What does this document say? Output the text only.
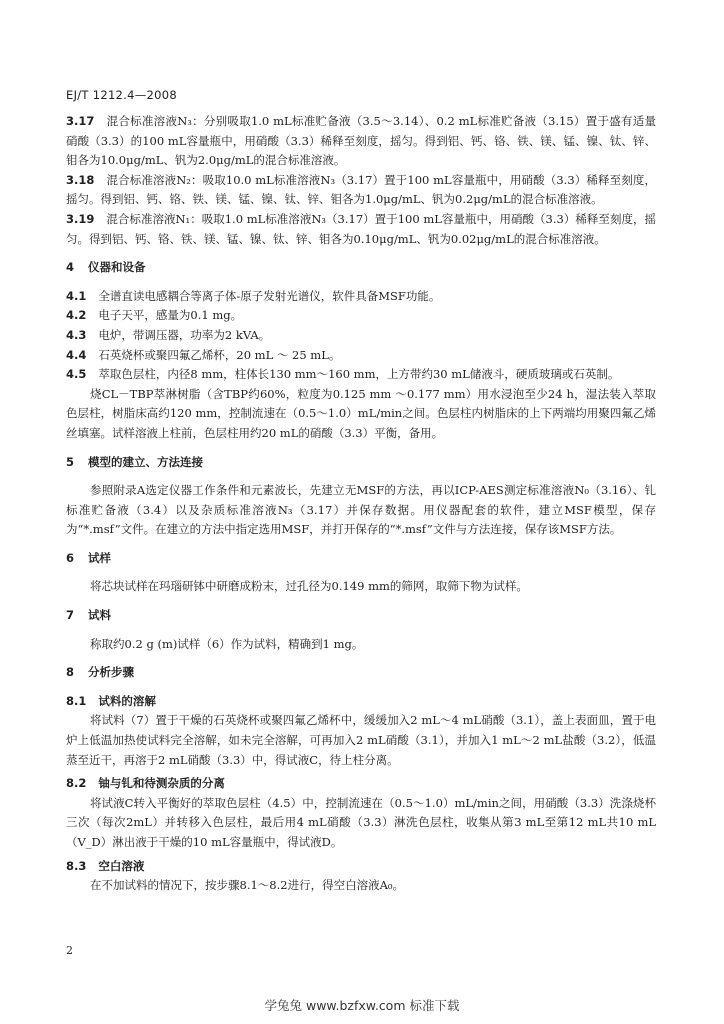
EJ/T 1212.4—2008

3.17 混合标准溶液N₃：分别吸取1.0 mL标准贮备液（3.5～3.14）、0.2 mL标准贮备液（3.15）置于盛有适量硝酸（3.3）的100 mL容量瓶中，用硝酸（3.3）稀释至刻度，摇匀。得到铝、钙、铬、铁、镁、锰、镍、钛、锌、钼各为10.0μg/mL、钒为2.0μg/mL的混合标准溶液。

3.18 混合标准溶液N₂：吸取10.0 mL标准溶液N₃（3.17）置于100 mL容量瓶中，用硝酸（3.3）稀释至刻度，摇匀。得到铝、钙、铬、铁、镁、锰、镍、钛、锌、钼各为1.0μg/mL、钒为0.2μg/mL的混合标准溶液。

3.19 混合标准溶液N₁：吸取1.0 mL标准溶液N₃（3.17）置于100 mL容量瓶中，用硝酸（3.3）稀释至刻度，摇匀。得到铝、钙、铬、铁、镁、锰、镍、钛、锌、钼各为0.10μg/mL、钒为0.02μg/mL的混合标准溶液。

4 仪器和设备

4.1 全谱直读电感耦合等离子体-原子发射光谱仪，软件具备MSF功能。

4.2 电子天平，感量为0.1 mg。

4.3 电炉，带调压器，功率为2 kVA。

4.4 石英烧杯或聚四氟乙烯杯，20 mL ～ 25 mL。

4.5 萃取色层柱，内径8 mm，柱体长130 mm～160 mm，上方带约30 mL储液斗，硬质玻璃或石英制。

烧CL－TBP萃淋树脂（含TBP约60%，粒度为0.125 mm ～0.177 mm）用水浸泡至少24 h，湿法装入萃取色层柱，树脂床高约120 mm，控制流速在（0.5～1.0）mL/min之间。色层柱内树脂床的上下两端均用聚四氟乙烯丝填塞。试样溶液上柱前，色层柱用约20 mL的硝酸（3.3）平衡，备用。

5 模型的建立、方法连接

参照附录A选定仪器工作条件和元素波长，先建立无MSF的方法，再以ICP-AES测定标准溶液N₀（3.16）、钆标准贮备液（3.4）以及杂质标准溶液N₃（3.17）并保存数据。用仪器配套的软件，建立MSF模型，保存为“*.msf”文件。在建立的方法中指定选用MSF，并打开保存的“*.msf”文件与方法连接，保存该MSF方法。

6 试样

将芯块试样在玛瑙研钵中研磨成粉末，过孔径为0.149 mm的筛网，取筛下物为试样。

7 试料

称取约0.2 g (m)试样（6）作为试料，精确到1 mg。

8 分析步骤
8.1 试料的溶解

将试料（7）置于干燥的石英烧杯或聚四氟乙烯杯中，缓缓加入2 mL～4 mL硝酸（3.1），盖上表面皿，置于电炉上低温加热使试料完全溶解，如未完全溶解，可再加入2 mL硝酸（3.1），并加入1 mL～2 mL盐酸（3.2），低温蒸至近干，再溶于2 mL硝酸（3.3）中，得试液C，待上柱分离。

8.2 铀与钆和待测杂质的分离

将试液C转入平衡好的萃取色层柱（4.5）中，控制流速在（0.5～1.0）mL/min之间，用硝酸（3.3）洗涤烧杯三次（每次2mL）并转移入色层柱，最后用4 mL硝酸（3.3）淋洗色层柱，收集从第3 mL至第12 mL共10 mL（V_D）淋出液于干燥的10 mL容量瓶中，得试液D。

8.3 空白溶液

在不加试料的情况下，按步骤8.1～8.2进行，得空白溶液A₀。

2
学兔兔 www.bzfxw.com 标准下载
